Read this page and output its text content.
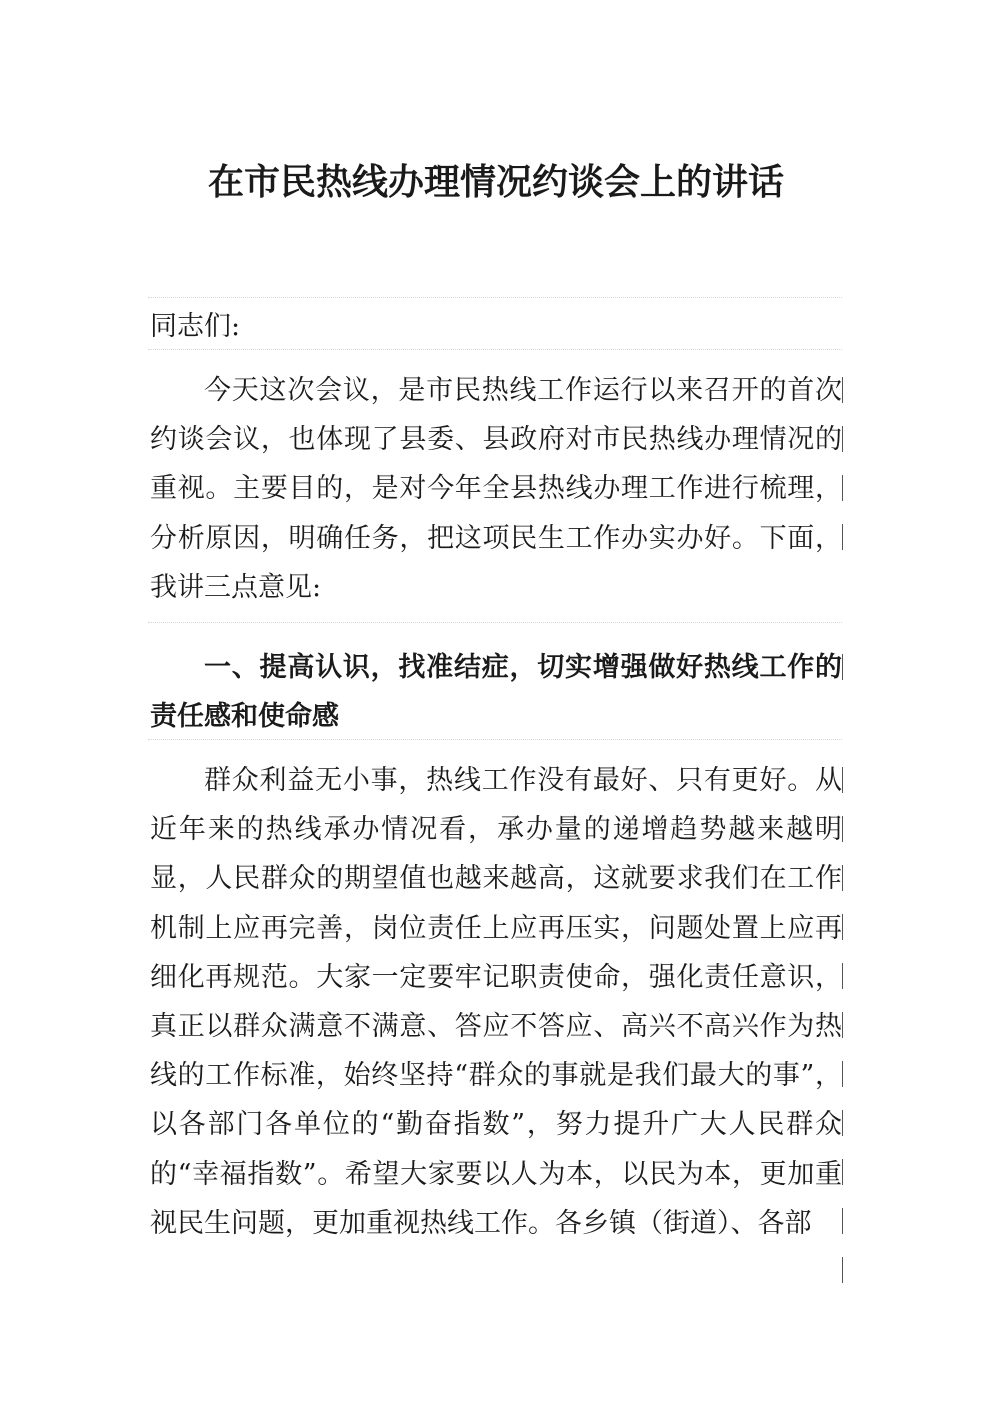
在市民热线办理情况约谈会上的讲话
同志们:
今天这次会议，是市民热线工作运行以来召开的首次约谈会议，也体现了县委、县政府对市民热线办理情况的重视。主要目的，是对今年全县热线办理工作进行梳理，分析原因，明确任务，把这项民生工作办实办好。下面，我讲三点意见:
一、提高认识，找准结症，切实增强做好热线工作的责任感和使命感
群众利益无小事，热线工作没有最好、只有更好。从近年来的热线承办情况看，承办量的递增趋势越来越明显，人民群众的期望值也越来越高，这就要求我们在工作机制上应再完善，岗位责任上应再压实，问题处置上应再细化再规范。大家一定要牢记职责使命，强化责任意识，真正以群众满意不满意、答应不答应、高兴不高兴作为热线的工作标准，始终坚持“群众的事就是我们最大的事”，以各部门各单位的“勤奋指数”，努力提升广大人民群众的“幸福指数”。希望大家要以人为本，以民为本，更加重视民生问题，更加重视热线工作。各乡镇（街道）、各部
